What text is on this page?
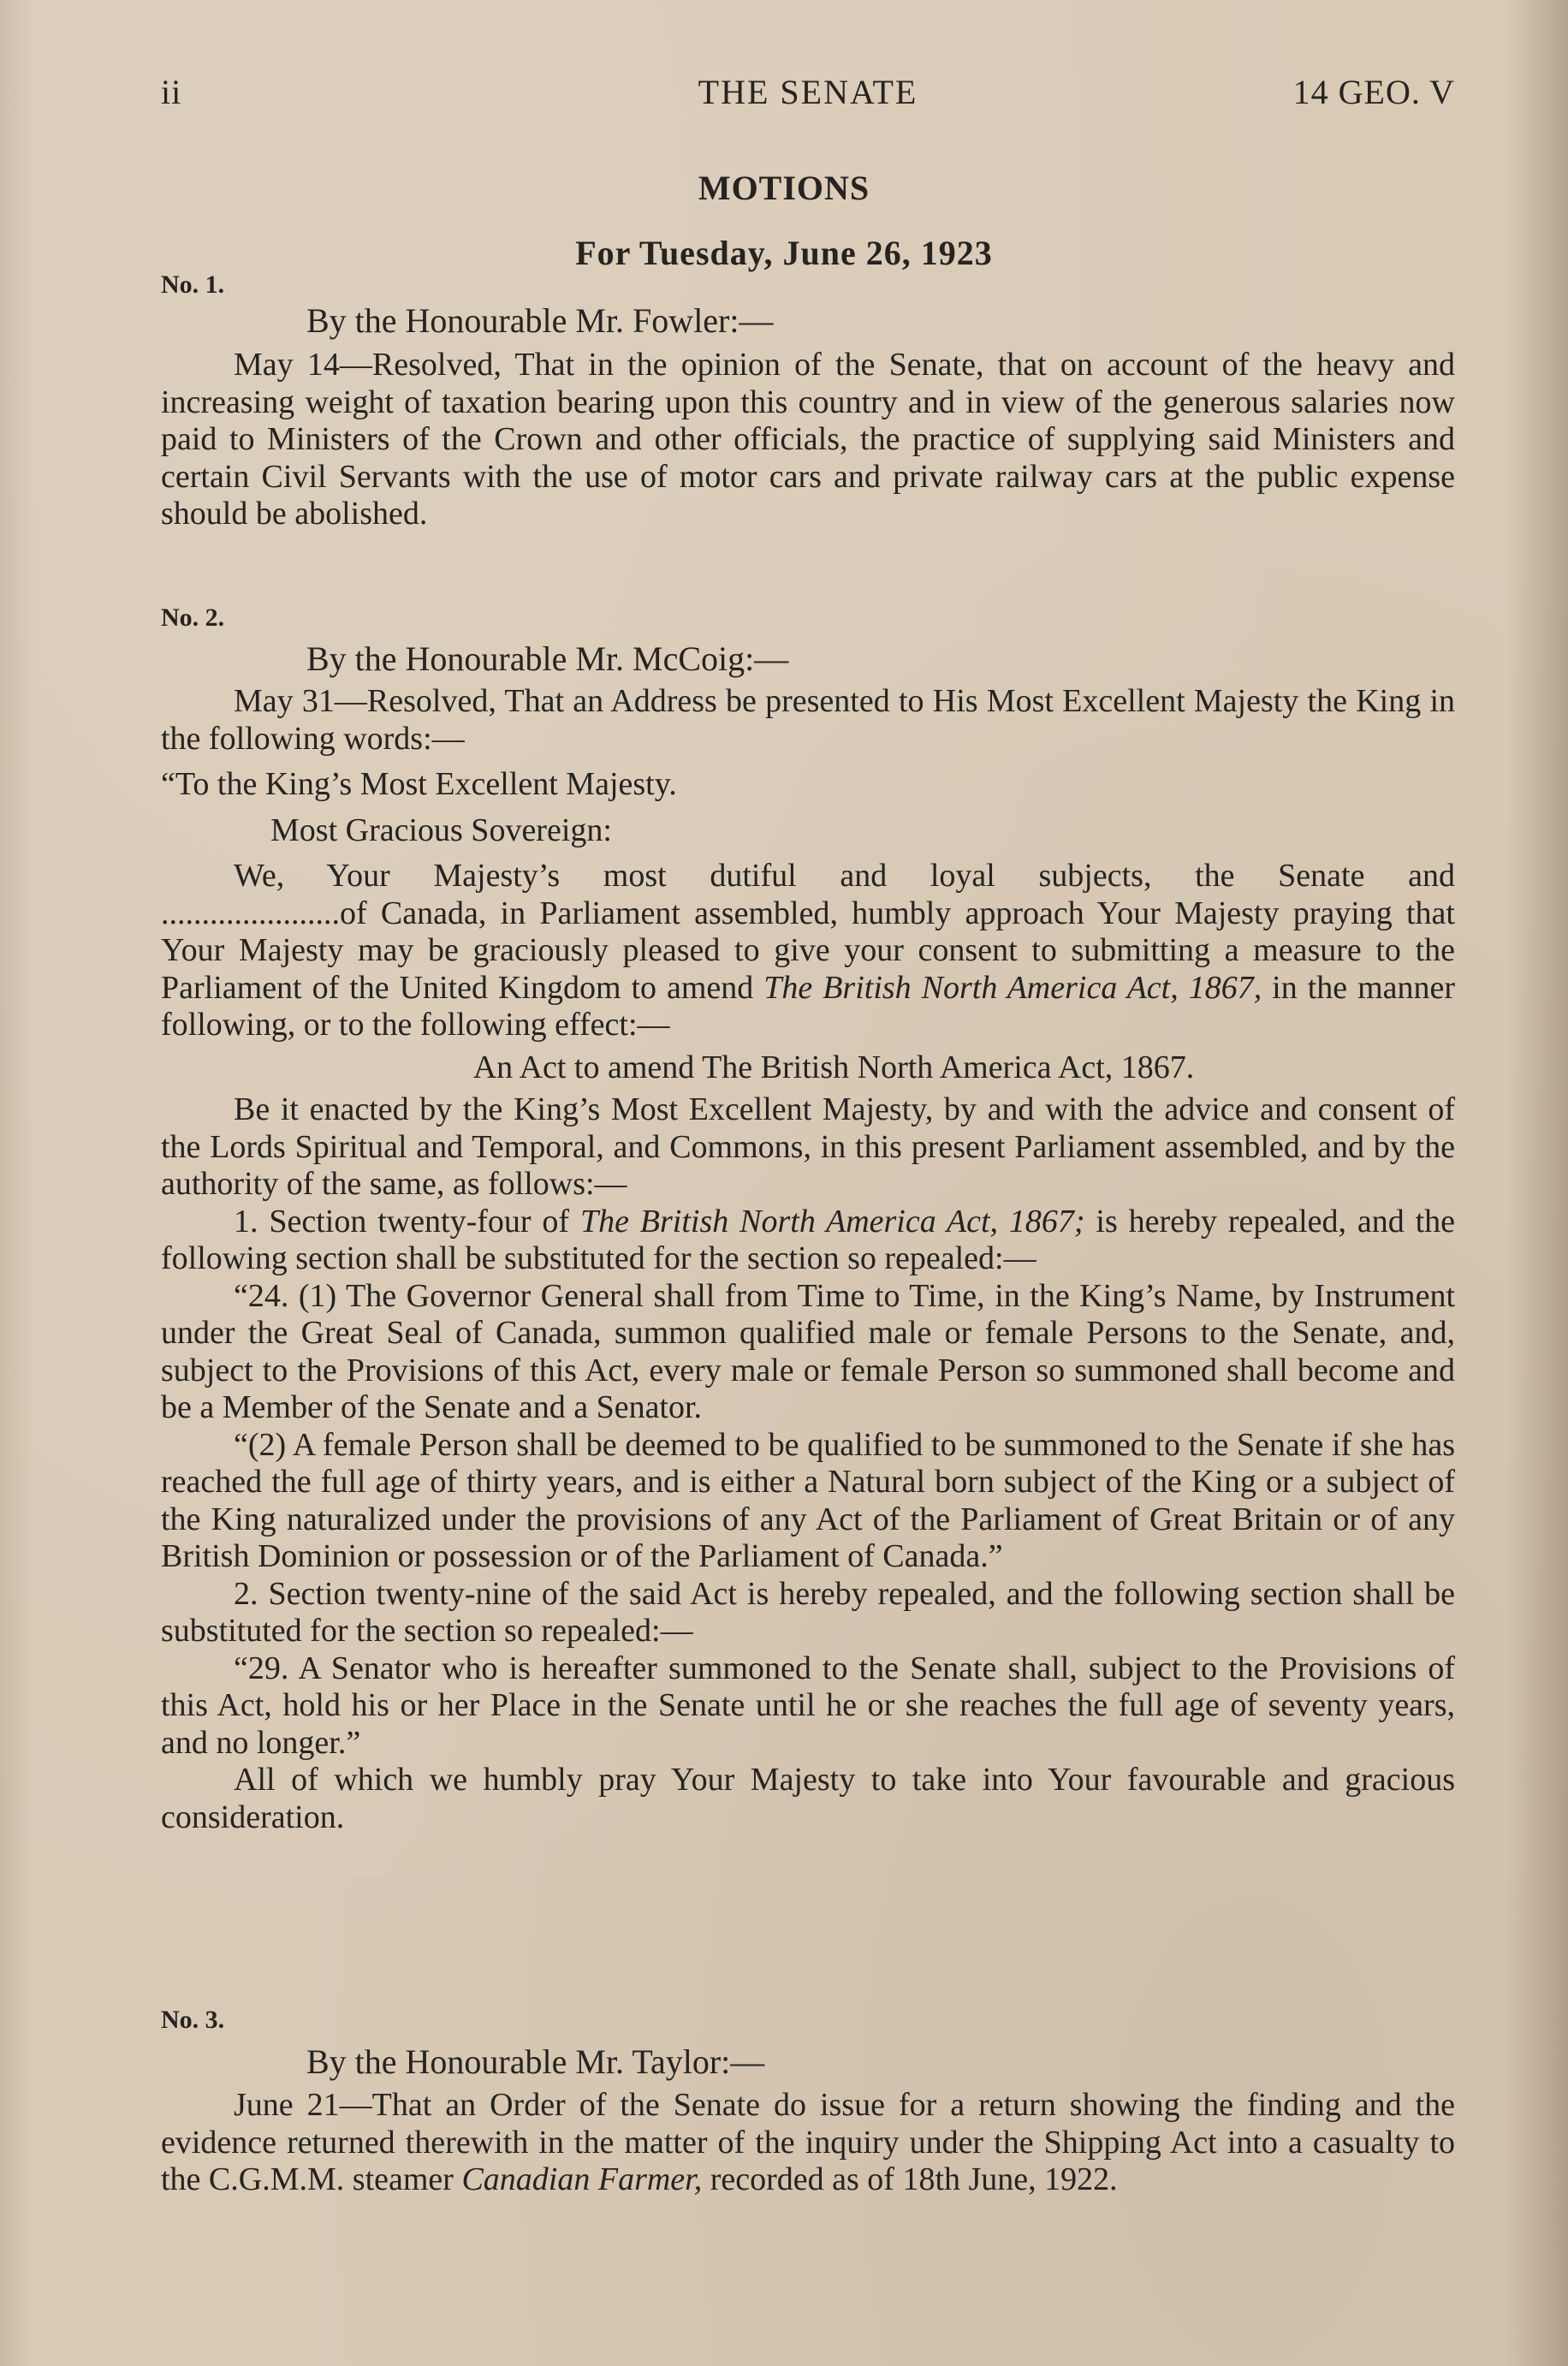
ii	THE SENATE	14 GEO. V
MOTIONS
For Tuesday, June 26, 1923
No. 1.
By the Honourable Mr. Fowler:—

May 14—Resolved, That in the opinion of the Senate, that on account of the heavy and increasing weight of taxation bearing upon this country and in view of the generous salaries now paid to Ministers of the Crown and other officials, the practice of supplying said Ministers and certain Civil Servants with the use of motor cars and private railway cars at the public expense should be abolished.

No. 2.
By the Honourable Mr. McCoig:—

May 31—Resolved, That an Address be presented to His Most Excellent Majesty the King in the following words:—

“To the King’s Most Excellent Majesty.

Most Gracious Sovereign:

We, Your Majesty’s most dutiful and loyal subjects, the Senate and

......................of Canada, in Parliament assembled, humbly approach Your Majesty praying that Your Majesty may be graciously pleased to give your consent to submitting a measure to the Parliament of the United Kingdom to amend The British North America Act, 1867, in the manner following, or to the following effect:—

An Act to amend The British North America Act, 1867.

Be it enacted by the King’s Most Excellent Majesty, by and with the advice and consent of the Lords Spiritual and Temporal, and Commons, in this present Parliament assembled, and by the authority of the same, as follows:—

1. Section twenty-four of The British North America Act, 1867; is hereby repealed, and the following section shall be substituted for the section so repealed:—

“24. (1) The Governor General shall from Time to Time, in the King’s Name, by Instrument under the Great Seal of Canada, summon qualified male or female Persons to the Senate, and, subject to the Provisions of this Act, every male or female Person so summoned shall become and be a Member of the Senate and a Senator.

“(2) A female Person shall be deemed to be qualified to be summoned to the Senate if she has reached the full age of thirty years, and is either a Natural born subject of the King or a subject of the King naturalized under the provisions of any Act of the Parliament of Great Britain or of any British Dominion or possession or of the Parliament of Canada.”

2. Section twenty-nine of the said Act is hereby repealed, and the following section shall be substituted for the section so repealed:—

“29. A Senator who is hereafter summoned to the Senate shall, subject to the Provisions of this Act, hold his or her Place in the Senate until he or she reaches the full age of seventy years, and no longer.”

All of which we humbly pray Your Majesty to take into Your favourable and gracious consideration.

No. 3.
By the Honourable Mr. Taylor:—

June 21—That an Order of the Senate do issue for a return showing the finding and the evidence returned therewith in the matter of the inquiry under the Shipping Act into a casualty to the C.G.M.M. steamer Canadian Farmer, recorded as of 18th June, 1922.
